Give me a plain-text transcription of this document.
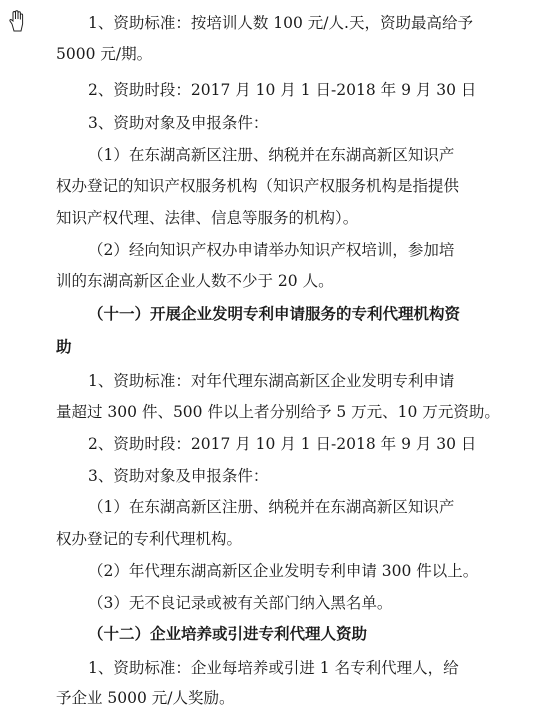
1、资助标准：按培训人数 100 元/人.天，资助最高给予
5000 元/期。
2、资助时段：2017 月 10 月 1 日-2018 年 9 月 30 日
3、资助对象及申报条件：
（1）在东湖高新区注册、纳税并在东湖高新区知识产
权办登记的知识产权服务机构（知识产权服务机构是指提供
知识产权代理、法律、信息等服务的机构）。
（2）经向知识产权办申请举办知识产权培训，参加培
训的东湖高新区企业人数不少于 20 人。
（十一）开展企业发明专利申请服务的专利代理机构资
助
1、资助标准：对年代理东湖高新区企业发明专利申请
量超过 300 件、500 件以上者分别给予 5 万元、10 万元资助。
2、资助时段：2017 月 10 月 1 日-2018 年 9 月 30 日
3、资助对象及申报条件：
（1）在东湖高新区注册、纳税并在东湖高新区知识产
权办登记的专利代理机构。
（2）年代理东湖高新区企业发明专利申请 300 件以上。
（3）无不良记录或被有关部门纳入黑名单。
（十二）企业培养或引进专利代理人资助
1、资助标准：企业每培养或引进 1 名专利代理人，给
予企业 5000 元/人奖励。
